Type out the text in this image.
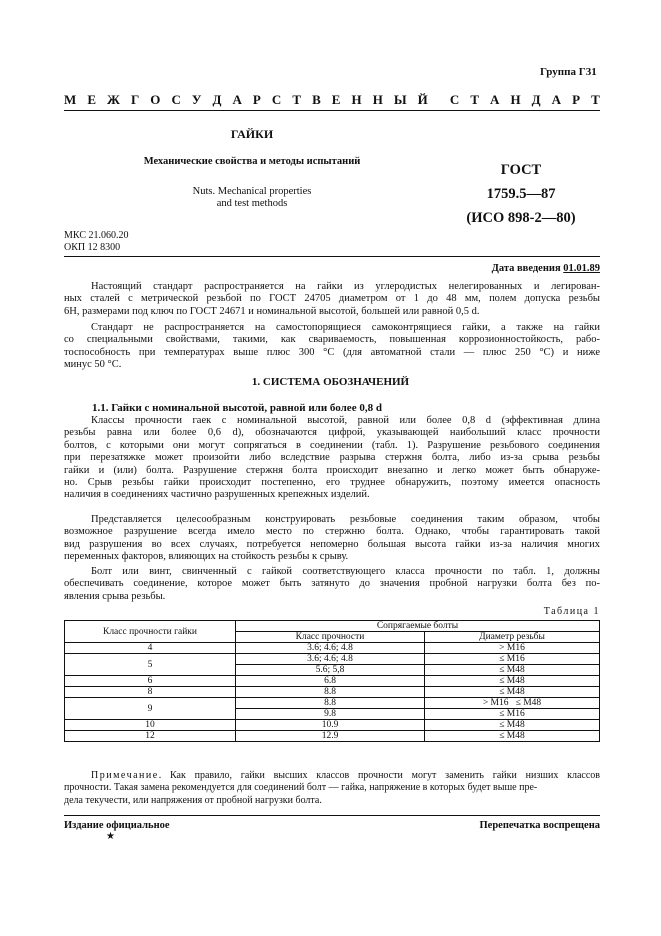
Группа Г31
М Е Ж Г О С У Д А Р С Т В Е Н Н Ы Й С Т А Н Д А Р Т
ГАЙКИ
Механические свойства и методы испытаний
Nuts. Mechanical properties
and test methods
ГОСТ
1759.5—87
(ИСО 898-2—80)
МКС 21.060.20
ОКП 12 8300
Дата введения 01.01.89
Настоящий стандарт распространяется на гайки из углеродистых нелегированных и легирован-
ных сталей с метрической резьбой по ГОСТ 24705 диаметром от 1 до 48 мм, полем допуска резьбы
6Н, размерами под ключ по ГОСТ 24671 и номинальной высотой, большей или равной 0,5 d.
Стандарт не распространяется на самостопорящиеся самоконтрящиеся гайки, а также на гайки
со специальными свойствами, такими, как свариваемость, повышенная коррозионностойкость, рабо-
тоспособность при температурах выше плюс 300 °С (для автоматной стали — плюс 250 °С) и ниже
минус 50 °С.
1. СИСТЕМА ОБОЗНАЧЕНИЙ
1.1. Гайки с номинальной высотой, равной или более 0,8 d
Классы прочности гаек с номинальной высотой, равной или более 0,8 d (эффективная длина
резьбы равна или более 0,6 d), обозначаются цифрой, указывающей наибольший класс прочности
болтов, с которыми они могут сопрягаться в соединении (табл. 1). Разрушение резьбового соединения
при перезатяжке может произойти либо вследствие разрыва стержня болта, либо из-за срыва резьбы
гайки и (или) болта. Разрушение стержня болта происходит внезапно и легко может быть обнаруже-
но. Срыв резьбы гайки происходит постепенно, его труднее обнаружить, поэтому имеется опасность
наличия в соединениях частично разрушенных крепежных изделий.
Представляется целесообразным конструировать резьбовые соединения таким образом, чтобы
возможное разрушение всегда имело место по стержню болта. Однако, чтобы гарантировать такой
вид разрушения во всех случаях, потребуется непомерно большая высота гайки из-за наличия многих
переменных факторов, влияющих на стойкость резьбы к срыву.
Болт или винт, свинченный с гайкой соответствующего класса прочности по табл. 1, должны
обеспечивать соединение, которое может быть затянуто до значения пробной нагрузки болта без по-
явления срыва резьбы.
Таблица 1
Класс прочности гайки	Сопрягаемые болты	
	Класс прочности	Диаметр резьбы
4	3.6; 4.6; 4.8	> M16
5	3.6; 4.6; 4.8	≤ M16
	5.6; 5,8	≤ M48
6	6.8	≤ M48
8	8.8	≤ M48
9	8.8	> M16   ≤ M48
	9.8	≤ M16
10	10.9	≤ M48
12	12.9	≤ M48
Примечание. Как правило, гайки высших классов прочности могут заменить гайки низших классов
прочности. Такая замена рекомендуется для соединений болт — гайка, напряжение в которых будет выше пре-
дела текучести, или напряжения от пробной нагрузки болта.
Издание официальное
★
Перепечатка воспрещена
